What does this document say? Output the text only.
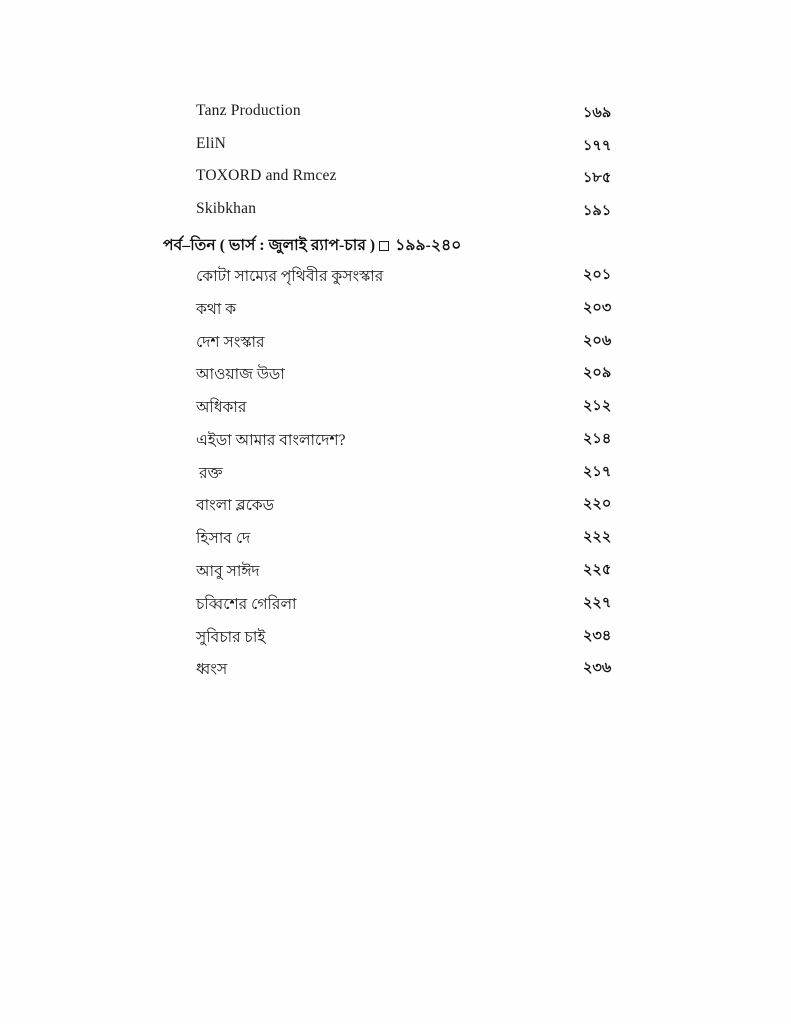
Tanz Production	১৬৯
EliN	১৭৭
TOXORD and Rmcez	১৮৫
Skibkhan	১৯১
পর্ব–তিন ( ভার্স : জুলাই র‍্যাপ-চার ) ১৯৯-২৪০
কোটা সাম্যের পৃথিবীর কুসংস্কার	২০১
কথা ক	২০৩
দেশ সংস্কার	২০৬
আওয়াজ উডা	২০৯
অধিকার	২১২
এইডা আমার বাংলাদেশ?	২১৪
রক্ত	২১৭
বাংলা ব্লকেড	২২০
হিসাব দে	২২২
আবু সাঈদ	২২৫
চব্বিশের গেরিলা	২২৭
সুবিচার চাই	২৩৪
ধ্বংস	২৩৬
